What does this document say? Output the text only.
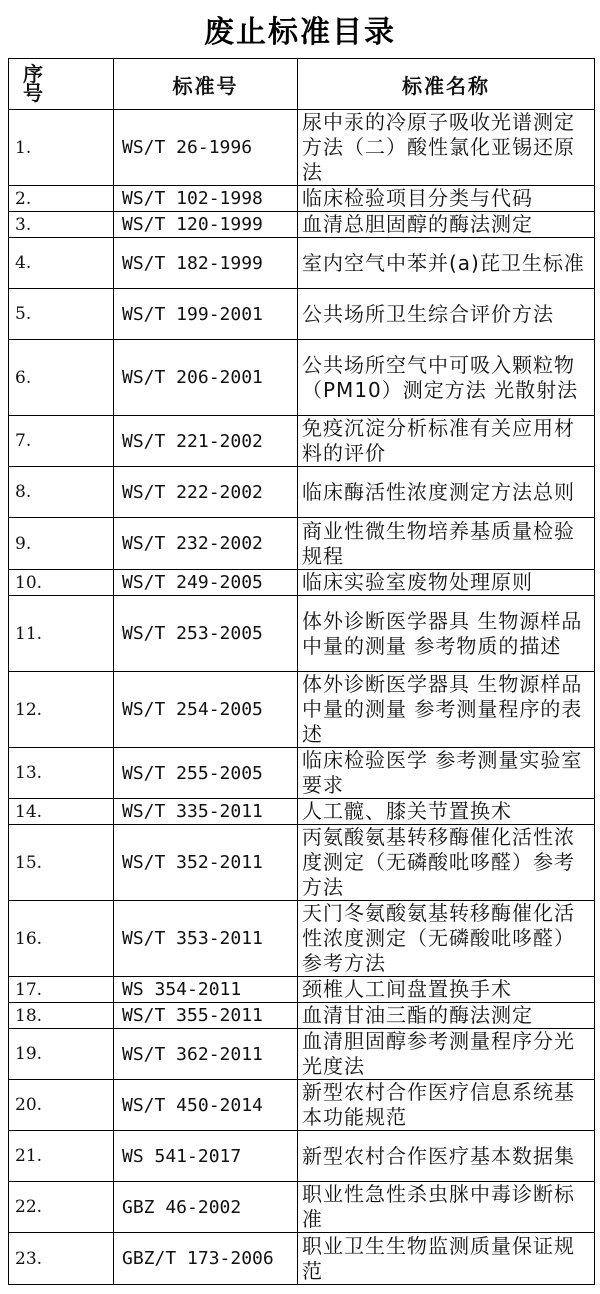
废止标准目录
序号	标准号	标准名称
1.	WS/T 26-1996	尿中汞的冷原子吸收光谱测定方法（二）酸性氯化亚锡还原法
2.	WS/T 102-1998	临床检验项目分类与代码
3.	WS/T 120-1999	血清总胆固醇的酶法测定
4.	WS/T 182-1999	室内空气中苯并(a)芘卫生标准
5.	WS/T 199-2001	公共场所卫生综合评价方法
6.	WS/T 206-2001	公共场所空气中可吸入颗粒物（PM10）测定方法 光散射法
7.	WS/T 221-2002	免疫沉淀分析标准有关应用材料的评价
8.	WS/T 222-2002	临床酶活性浓度测定方法总则
9.	WS/T 232-2002	商业性微生物培养基质量检验规程
10.	WS/T 249-2005	临床实验室废物处理原则
11.	WS/T 253-2005	体外诊断医学器具 生物源样品中量的测量 参考物质的描述
12.	WS/T 254-2005	体外诊断医学器具 生物源样品中量的测量 参考测量程序的表述
13.	WS/T 255-2005	临床检验医学 参考测量实验室要求
14.	WS/T 335-2011	人工髋、膝关节置换术
15.	WS/T 352-2011	丙氨酸氨基转移酶催化活性浓度测定（无磷酸吡哆醛）参考方法
16.	WS/T 353-2011	天门冬氨酸氨基转移酶催化活性浓度测定（无磷酸吡哆醛）参考方法
17.	WS 354-2011	颈椎人工间盘置换手术
18.	WS/T 355-2011	血清甘油三酯的酶法测定
19.	WS/T 362-2011	血清胆固醇参考测量程序分光光度法
20.	WS/T 450-2014	新型农村合作医疗信息系统基本功能规范
21.	WS 541-2017	新型农村合作医疗基本数据集
22.	GBZ 46-2002	职业性急性杀虫脒中毒诊断标准
23.	GBZ/T 173-2006	职业卫生生物监测质量保证规范
